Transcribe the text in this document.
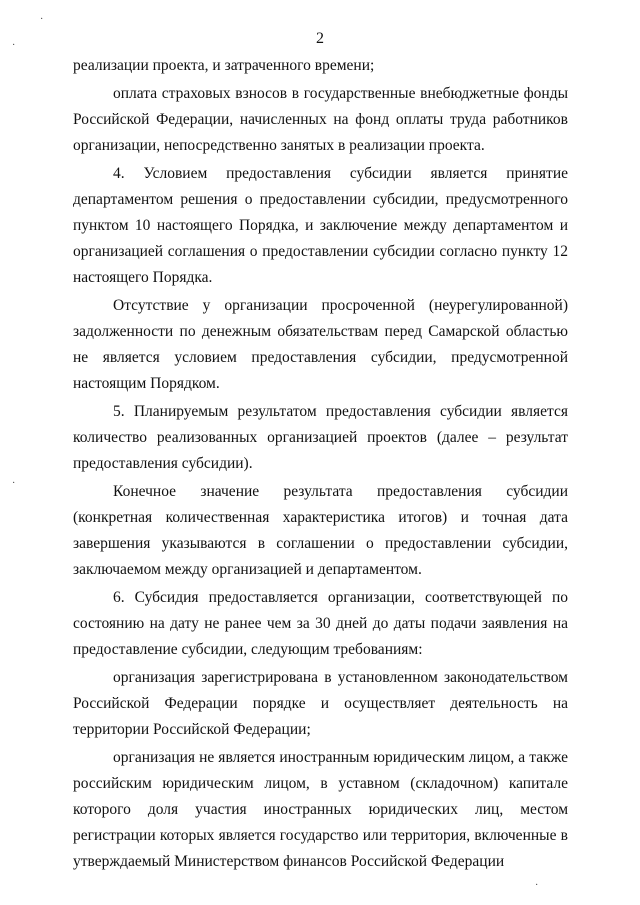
·
·
·
·
2

реализации проекта, и затраченного времени;

оплата страховых взносов в государственные внебюджетные фонды Российской Федерации, начисленных на фонд оплаты труда работников организации, непосредственно занятых в реализации проекта.

4. Условием предоставления субсидии является принятие департаментом решения о предоставлении субсидии, предусмотренного пунктом 10 настоящего Порядка, и заключение между департаментом и организацией соглашения о предоставлении субсидии согласно пункту 12 настоящего Порядка.

Отсутствие у организации просроченной (неурегулированной) задолженности по денежным обязательствам перед Самарской областью не является условием предоставления субсидии, предусмотренной настоящим Порядком.

5. Планируемым результатом предоставления субсидии является количество реализованных организацией проектов (далее – результат предоставления субсидии).

Конечное значение результата предоставления субсидии (конкретная количественная характеристика итогов) и точная дата завершения указываются в соглашении о предоставлении субсидии, заключаемом между организацией и департаментом.

6. Субсидия предоставляется организации, соответствующей по состоянию на дату не ранее чем за 30 дней до даты подачи заявления на предоставление субсидии, следующим требованиям:

организация зарегистрирована в установленном законодательством Российской Федерации порядке и осуществляет деятельность на территории Российской Федерации;

организация не является иностранным юридическим лицом, а также российским юридическим лицом, в уставном (складочном) капитале которого доля участия иностранных юридических лиц, местом регистрации которых является государство или территория, включенные в утверждаемый Министерством финансов Российской Федерации
